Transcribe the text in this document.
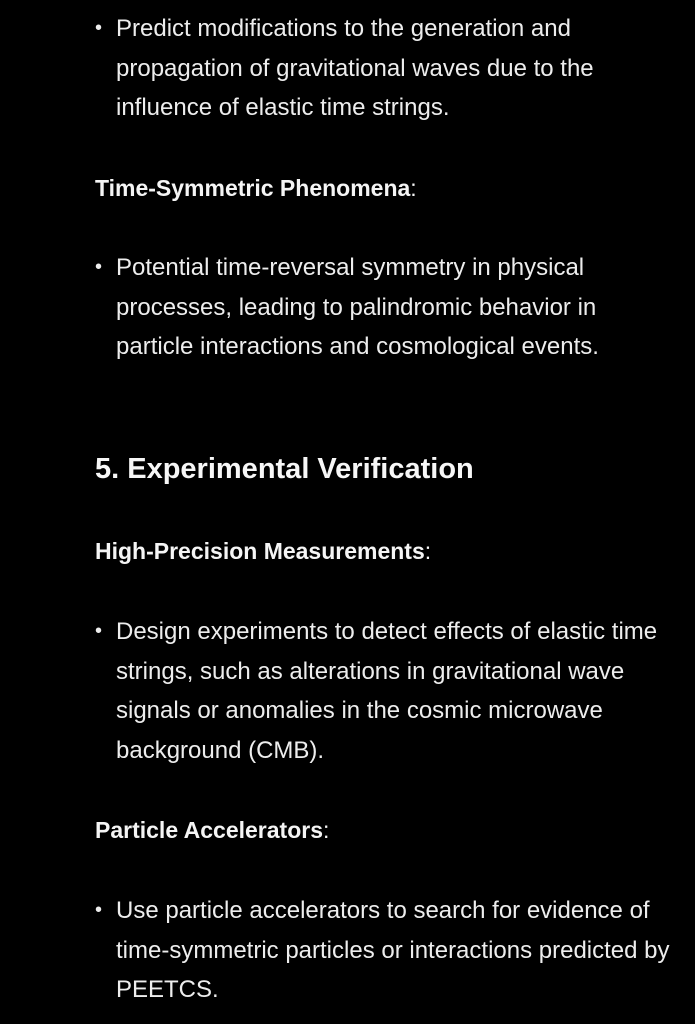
• Predict modifications to the generation and propagation of gravitational waves due to the influence of elastic time strings.
Time-Symmetric Phenomena:
• Potential time-reversal symmetry in physical processes, leading to palindromic behavior in particle interactions and cosmological events.
5. Experimental Verification
High-Precision Measurements:
• Design experiments to detect effects of elastic time strings, such as alterations in gravitational wave signals or anomalies in the cosmic microwave background (CMB).
Particle Accelerators:
• Use particle accelerators to search for evidence of time-symmetric particles or interactions predicted by PEETCS.
